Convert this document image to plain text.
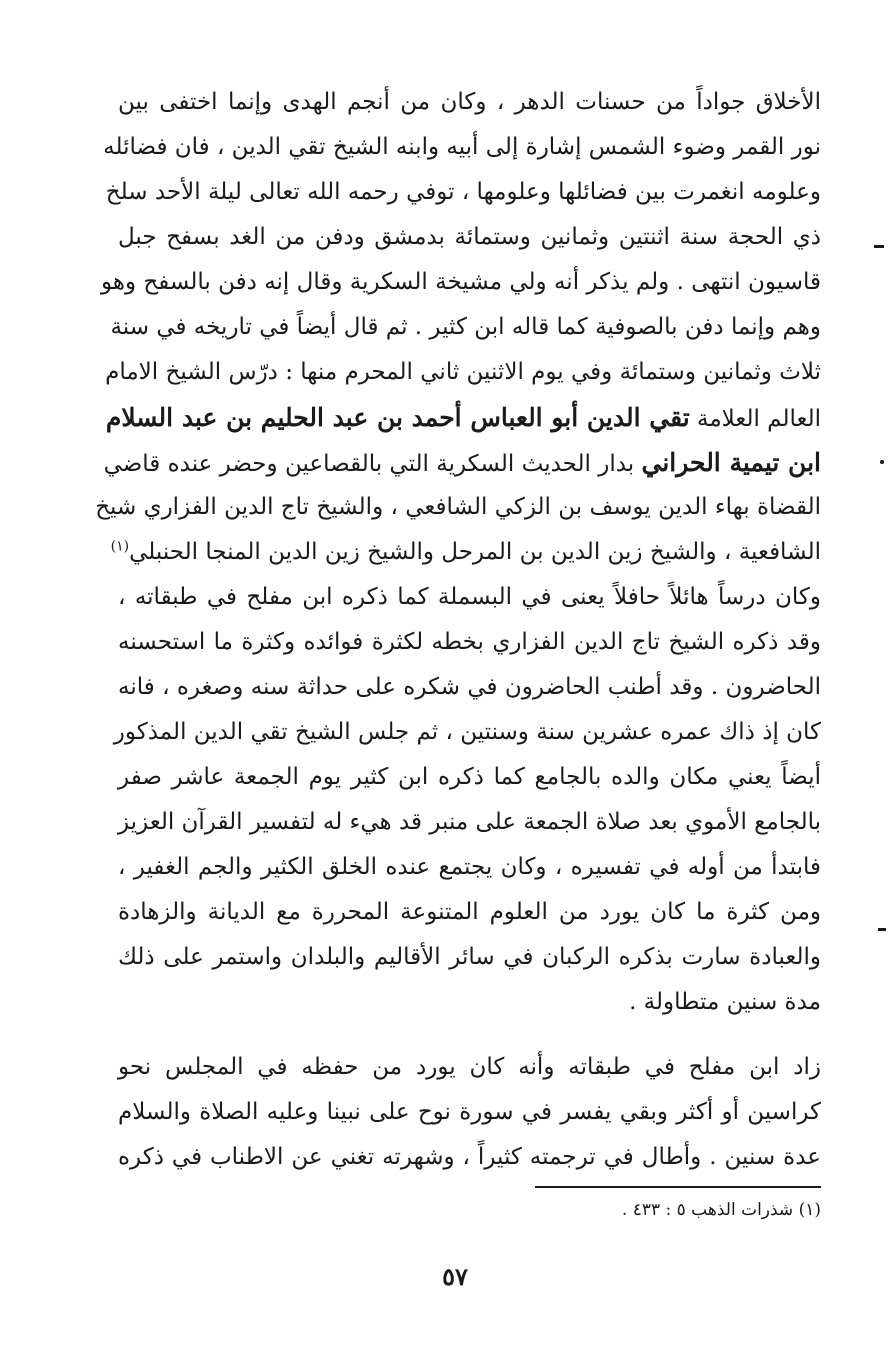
الأخلاق جواداً من حسنات الدهر ، وكان من أنجم الهدى وإنما اختفى بين
نور القمر وضوء الشمس إشارة إلى أبيه وابنه الشيخ تقي الدين ، فان فضائله
وعلومه انغمرت بين فضائلها وعلومها ، توفي رحمه الله تعالى ليلة الأحد سلخ
ذي الحجة سنة اثنتين وثمانين وستمائة بدمشق ودفن من الغد بسفح جبل
قاسيون انتهى . ولم يذكر أنه ولي مشيخة السكرية وقال إنه دفن بالسفح وهو
وهم وإنما دفن بالصوفية كما قاله ابن كثير . ثم قال أيضاً في تاريخه في سنة
ثلاث وثمانين وستمائة وفي يوم الاثنين ثاني المحرم منها : درّس الشيخ الامام
العالم العلامة تقي الدين أبو العباس أحمد بن عبد الحليم بن عبد السلام
ابن تيمية الحراني بدار الحديث السكرية التي بالقصاعين وحضر عنده قاضي
القضاة بهاء الدين يوسف بن الزكي الشافعي ، والشيخ تاج الدين الفزاري شيخ
الشافعية ، والشيخ زين الدين بن المرحل والشيخ زين الدين المنجا الحنبلي$^{(١)}$
وكان درساً هائلاً حافلاً يعنى في البسملة كما ذكره ابن مفلح في طبقاته ،
وقد ذكره الشيخ تاج الدين الفزاري بخطه لكثرة فوائده وكثرة ما استحسنه
الحاضرون . وقد أطنب الحاضرون في شكره على حداثة سنه وصغره ، فانه
كان إذ ذاك عمره عشرين سنة وسنتين ، ثم جلس الشيخ تقي الدين المذكور
أيضاً يعني مكان والده بالجامع كما ذكره ابن كثير يوم الجمعة عاشر صفر
بالجامع الأموي بعد صلاة الجمعة على منبر قد هيء له لتفسير القرآن العزيز
فابتدأ من أوله في تفسيره ، وكان يجتمع عنده الخلق الكثير والجم الغفير ،
ومن كثرة ما كان يورد من العلوم المتنوعة المحررة مع الديانة والزهادة
والعبادة سارت بذكره الركبان في سائر الأقاليم والبلدان واستمر على ذلك
مدة سنين متطاولة .
زاد ابن مفلح في طبقاته وأنه كان يورد من حفظه في المجلس نحو
كراسين أو أكثر وبقي يفسر في سورة نوح على نبينا وعليه الصلاة والسلام
عدة سنين . وأطال في ترجمته كثيراً ، وشهرته تغني عن الاطناب في ذكره
(١) شذرات الذهب ٥ : ٤٣٣ .
٥٧
